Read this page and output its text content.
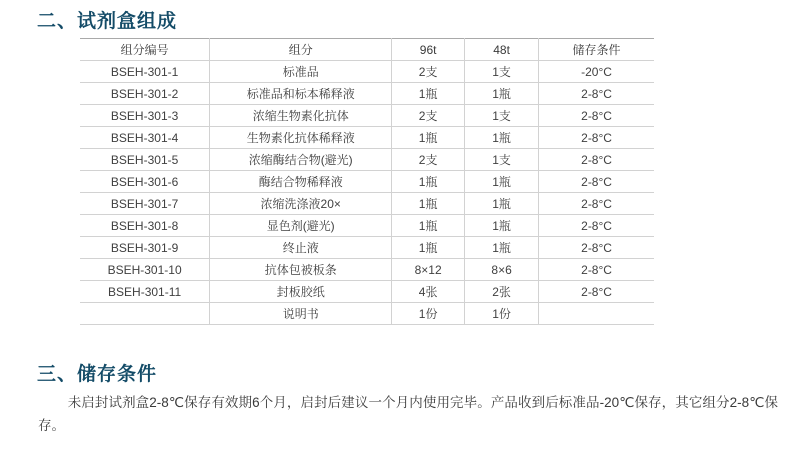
二、试剂盒组成
组分编号	组分	96t	48t	储存条件
BSEH-301-1	标准品	2支	1支	-20°C
BSEH-301-2	标准品和标本稀释液	1瓶	1瓶	2-8°C
BSEH-301-3	浓缩生物素化抗体	2支	1支	2-8°C
BSEH-301-4	生物素化抗体稀释液	1瓶	1瓶	2-8°C
BSEH-301-5	浓缩酶结合物(避光)	2支	1支	2-8°C
BSEH-301-6	酶结合物稀释液	1瓶	1瓶	2-8°C
BSEH-301-7	浓缩洗涤液20×	1瓶	1瓶	2-8°C
BSEH-301-8	显色剂(避光)	1瓶	1瓶	2-8°C
BSEH-301-9	终止液	1瓶	1瓶	2-8°C
BSEH-301-10	抗体包被板条	8×12	8×6	2-8°C
BSEH-301-11	封板胶纸	4张	2张	2-8°C
	说明书	1份	1份	
三、储存条件

未启封试剂盒2-8℃保存有效期6个月，启封后建议一个月内使用完毕。产品收到后标准品-20℃保存，其它组分2-8℃保存。
